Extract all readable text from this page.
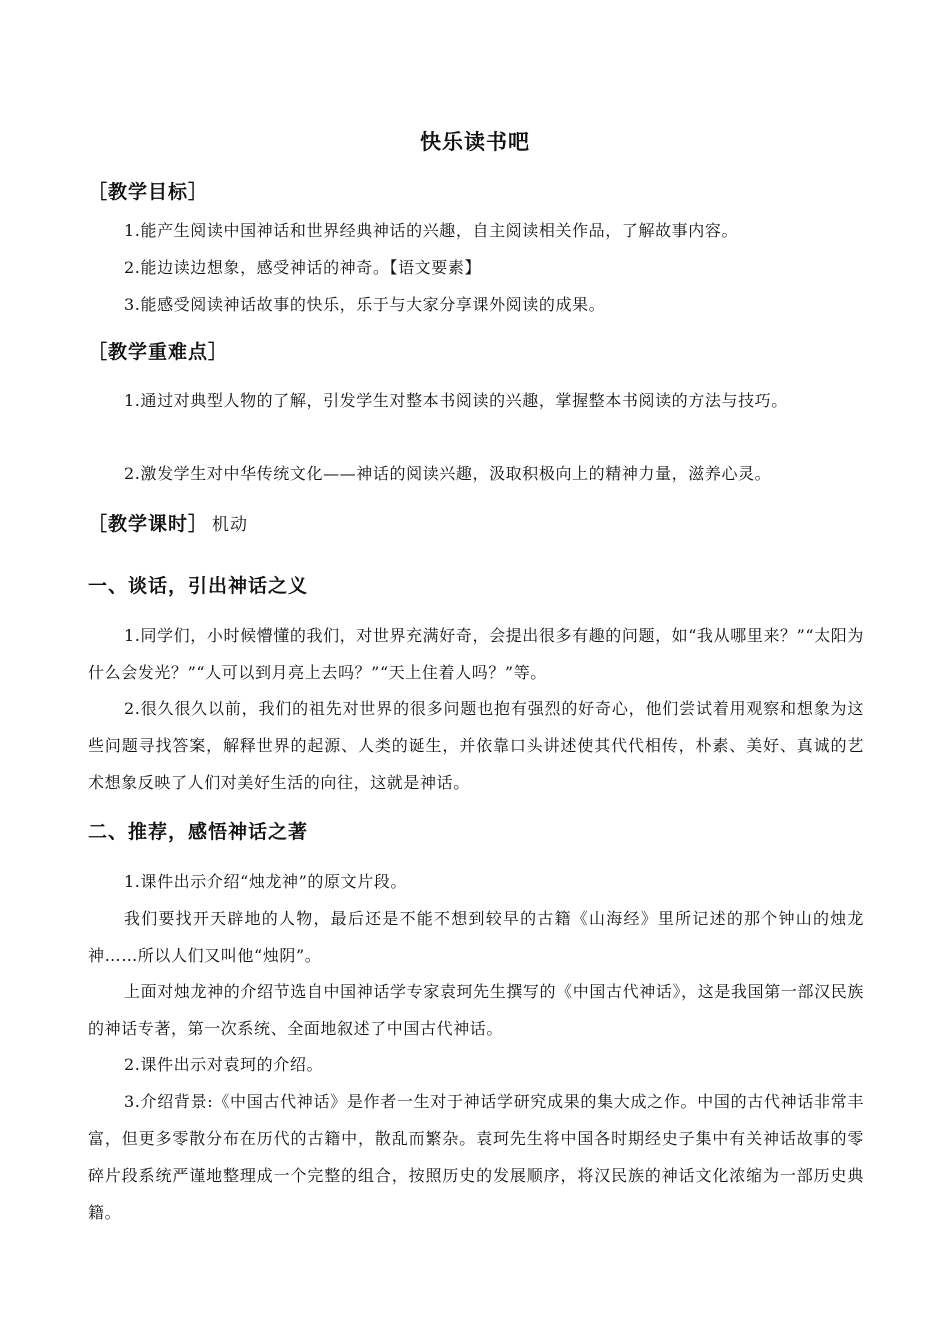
快乐读书吧
［教学目标］
1.能产生阅读中国神话和世界经典神话的兴趣，自主阅读相关作品，了解故事内容。
2.能边读边想象，感受神话的神奇。【语文要素】
3.能感受阅读神话故事的快乐，乐于与大家分享课外阅读的成果。
［教学重难点］
1.通过对典型人物的了解，引发学生对整本书阅读的兴趣，掌握整本书阅读的方法与技巧。
2.激发学生对中华传统文化——神话的阅读兴趣，汲取积极向上的精神力量，滋养心灵。
［教学课时］ 机动
一、谈话，引出神话之义
1.同学们，小时候懵懂的我们，对世界充满好奇，会提出很多有趣的问题，如“我从哪里来？”“太阳为什么会发光？”“人可以到月亮上去吗？”“天上住着人吗？”等。
2.很久很久以前，我们的祖先对世界的很多问题也抱有强烈的好奇心，他们尝试着用观察和想象为这些问题寻找答案，解释世界的起源、人类的诞生，并依靠口头讲述使其代代相传，朴素、美好、真诚的艺术想象反映了人们对美好生活的向往，这就是神话。
二、推荐，感悟神话之著
1.课件出示介绍“烛龙神”的原文片段。
我们要找开天辟地的人物，最后还是不能不想到较早的古籍《山海经》里所记述的那个钟山的烛龙神……所以人们又叫他“烛阴”。
上面对烛龙神的介绍节选自中国神话学专家袁珂先生撰写的《中国古代神话》，这是我国第一部汉民族的神话专著，第一次系统、全面地叙述了中国古代神话。
2.课件出示对袁珂的介绍。
3.介绍背景:《中国古代神话》是作者一生对于神话学研究成果的集大成之作。中国的古代神话非常丰富，但更多零散分布在历代的古籍中，散乱而繁杂。袁珂先生将中国各时期经史子集中有关神话故事的零碎片段系统严谨地整理成一个完整的组合，按照历史的发展顺序，将汉民族的神话文化浓缩为一部历史典籍。
